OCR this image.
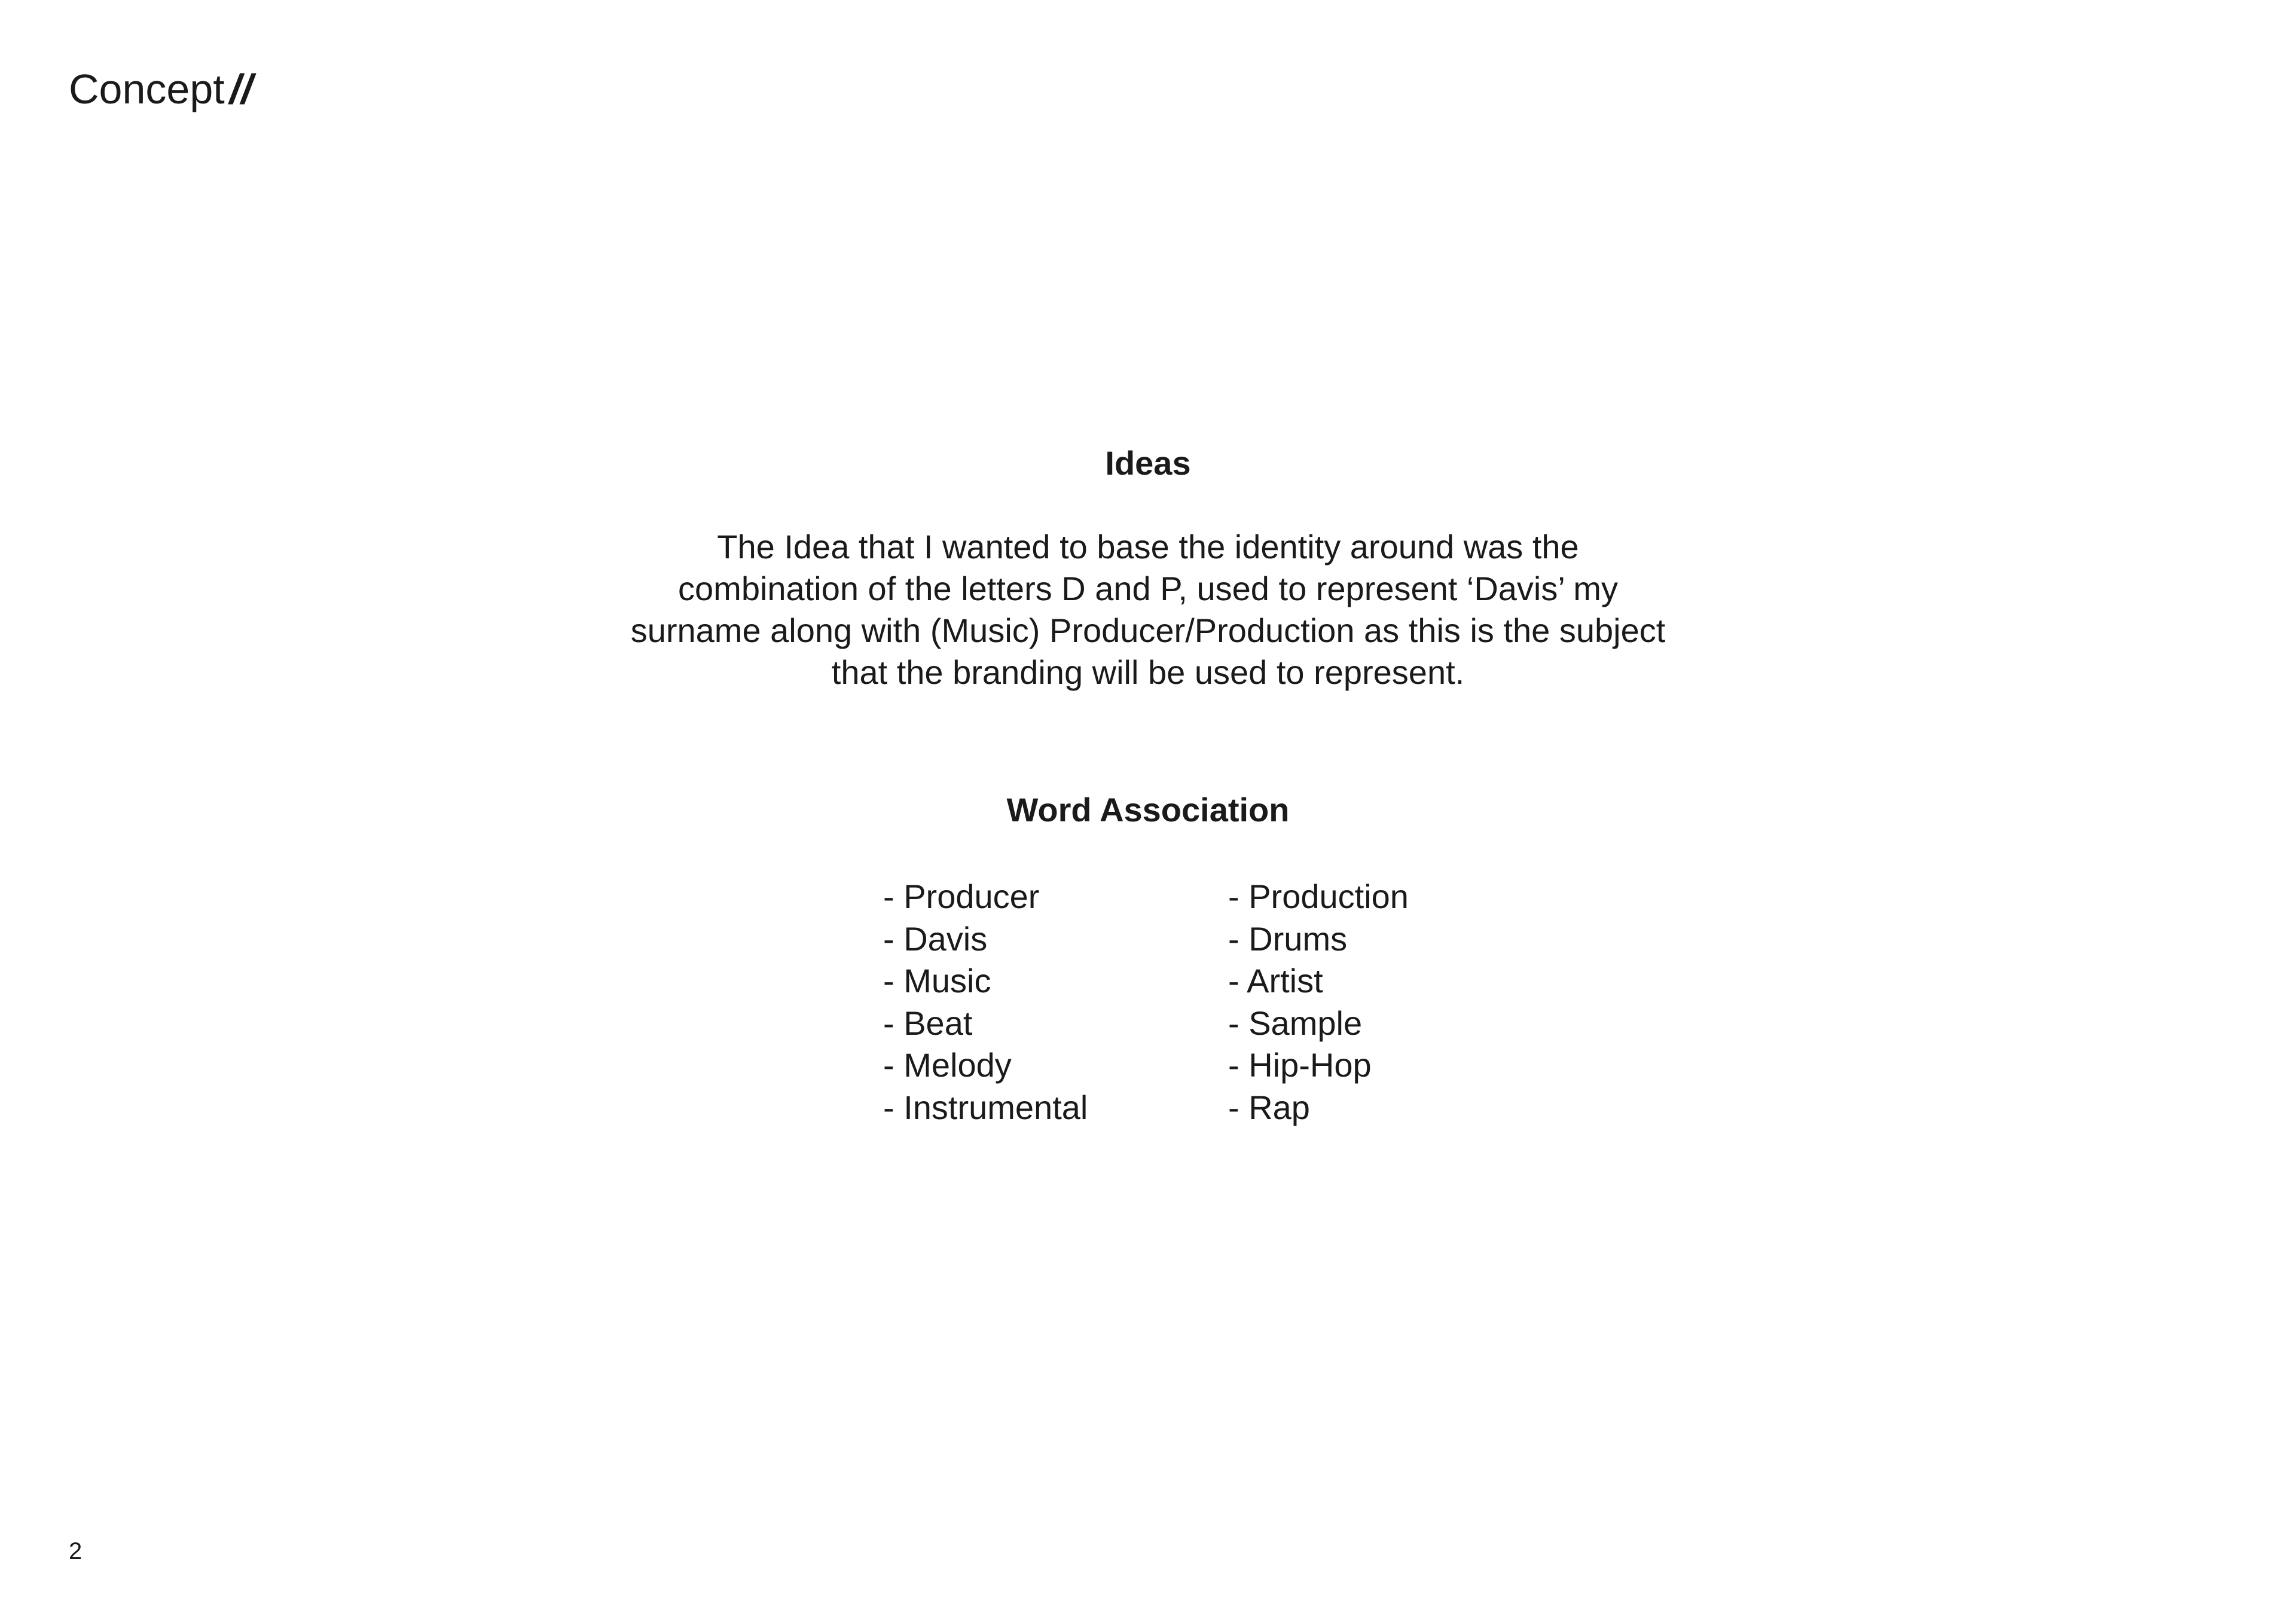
Concept //
Ideas
The Idea that I wanted to base the identity around was the
combination of the letters D and P, used to represent ‘Davis’ my
surname along with (Music) Producer/Production as this is the subject
that the branding will be used to represent.
Word Association
- Producer
- Davis
- Music
- Beat
- Melody
- Instrumental
- Production
- Drums
- Artist
- Sample
- Hip-Hop
- Rap
2
